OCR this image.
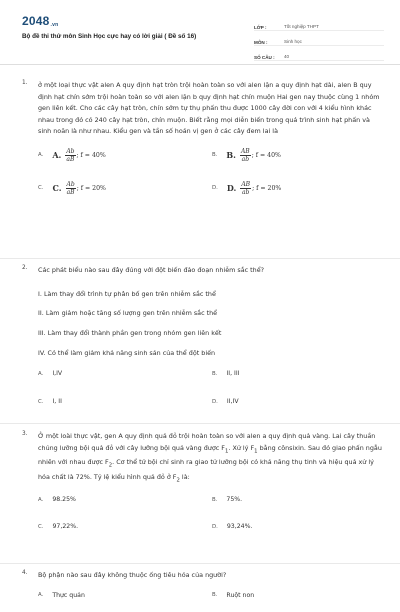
2048.vn
Bộ đề thi thử môn Sinh Học cực hay có lời giải ( Đề số 16)
LỚP :	Tốt nghiệp THPT
MÔN :	Sinh học
SỐ CÂU :	40
1. ở một loại thực vật alen A quy định hạt tròn trội hoàn toàn so với alen lặn a quy định hạt dài, alen B quy định hạt chín sớm trội hoàn toàn so với alen lặn b quy định hạt chín muộn Hai gen nay thuộc cùng 1 nhóm gen liên kết. Cho các cây hạt tròn, chín sớm tự thụ phấn thu được 1000 cây đời con với 4 kiểu hình khác nhau trong đó có 240 cây hạt tròn, chín muộn. Biết rằng mọi diễn biến trong quá trình sinh hạt phấn và sinh noãn là như nhau. Kiểu gen và tần số hoán vị gen ở các cây đem lai là
A. A. $\frac{Ab}{aB}$ ; f = 40%	B. B. $\frac{AB}{ab}$ ; f = 40%
C. C. $\frac{Ab}{aB}$ ; f = 20%	D. D. $\frac{AB}{ab}$ ; f = 20%
2. Các phát biểu nào sau đây đúng với đột biến đảo đoạn nhiễm sắc thể?
I. Làm thay đổi trình tự phân bố gen trên nhiễm sắc thể
II. Làm giảm hoặc tăng số lượng gen trên nhiễm sắc thể
III. Làm thay đổi thành phần gen trong nhóm gen liên kết
IV. Có thể làm giảm khả năng sinh sản của thể đột biến
A. I,IV	B. II, III
C. I, II	D. II,IV
3. Ở một loài thực vật, gen A quy định quả đỏ trội hoàn toàn so với alen a quy định quả vàng. Lai cây thuần chủng lưỡng bội quả đỏ với cây lưỡng bội quả vàng được $F_1$. Xử lý $F_1$ bằng cônsixin. Sau đó giao phấn ngẫu nhiên với nhau được $F_2$. Cơ thể tứ bội chỉ sinh ra giao tử lưỡng bội có khả năng thụ tinh và hiệu quả xử lý hóa chất là 72%. Tỷ lệ kiểu hình quả đỏ ở $F_2$ là:
A. 98.25%	B. 75%.
C. 97,22%.	D. 93,24%.
4. Bộ phận nào sau đây không thuộc ống tiêu hóa của người?
A. Thực quản	B. Ruột non
